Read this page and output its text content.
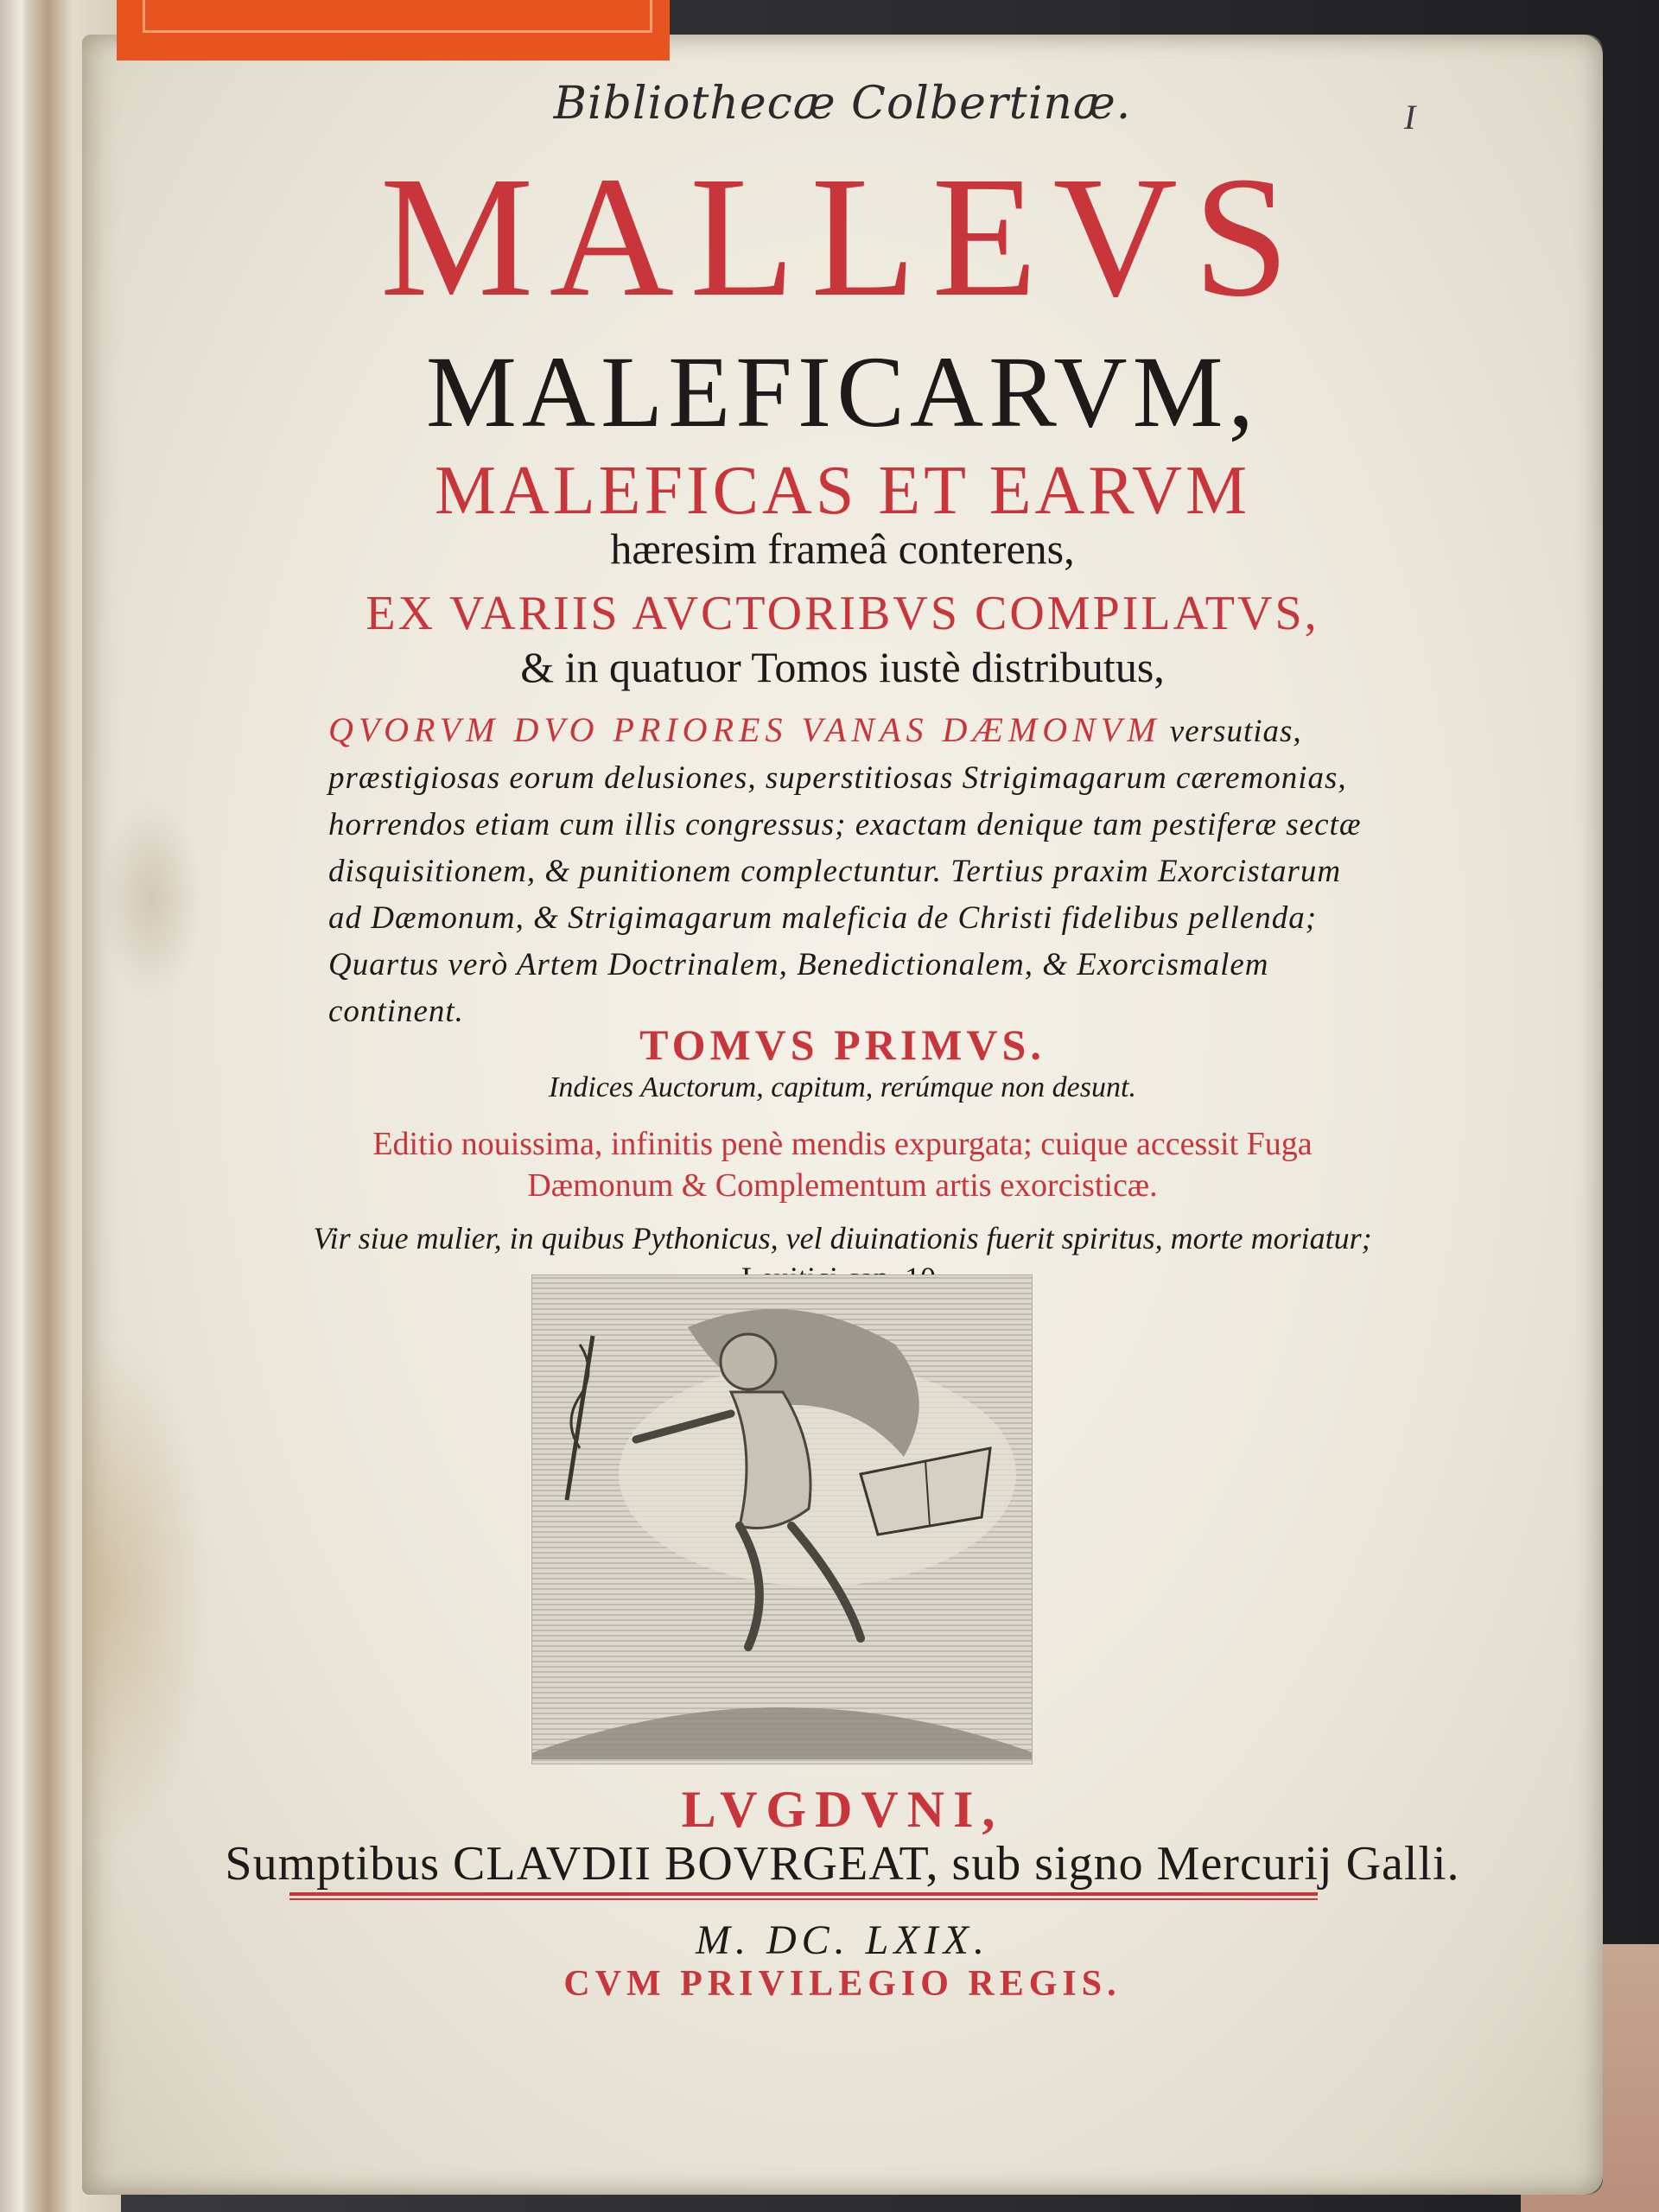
Bibliothecæ Colbertinæ.	I
MALLEVS
MALEFICARVM,
MALEFICAS ET EARVM
hæresim frameâ conterens,
EX VARIIS AVCTORIBVS COMPILATVS,
& in quatuor Tomos iustè distributus,
QVORVM DVO PRIORES VANAS DÆMONVM versutias, præstigiosas eorum delusiones, superstitiosas Strigimagarum cæremonias, horrendos etiam cum illis congressus; exactam denique tam pestiferæ sectæ disquisitionem, & punitionem complectuntur. Tertius praxim Exorcistarum ad Dæmonum, & Strigimagarum maleficia de Christi fidelibus pellenda; Quartus verò Artem Doctrinalem, Benedictionalem, & Exorcismalem continent.
TOMVS PRIMVS.
Indices Auctorum, capitum, rerúmque non desunt.
Editio nouissima, infinitis penè mendis expurgata; cuique accessit Fuga
Dæmonum & Complementum artis exorcisticæ.
Vir siue mulier, in quibus Pythonicus, vel diuinationis fuerit spiritus, morte moriatur;
LVGDVNI,
Sumptibus CLAVDII BOVRGEAT, sub signo Mercurij Galli.
M. DC. LXIX.
CVM PRIVILEGIO REGIS.
